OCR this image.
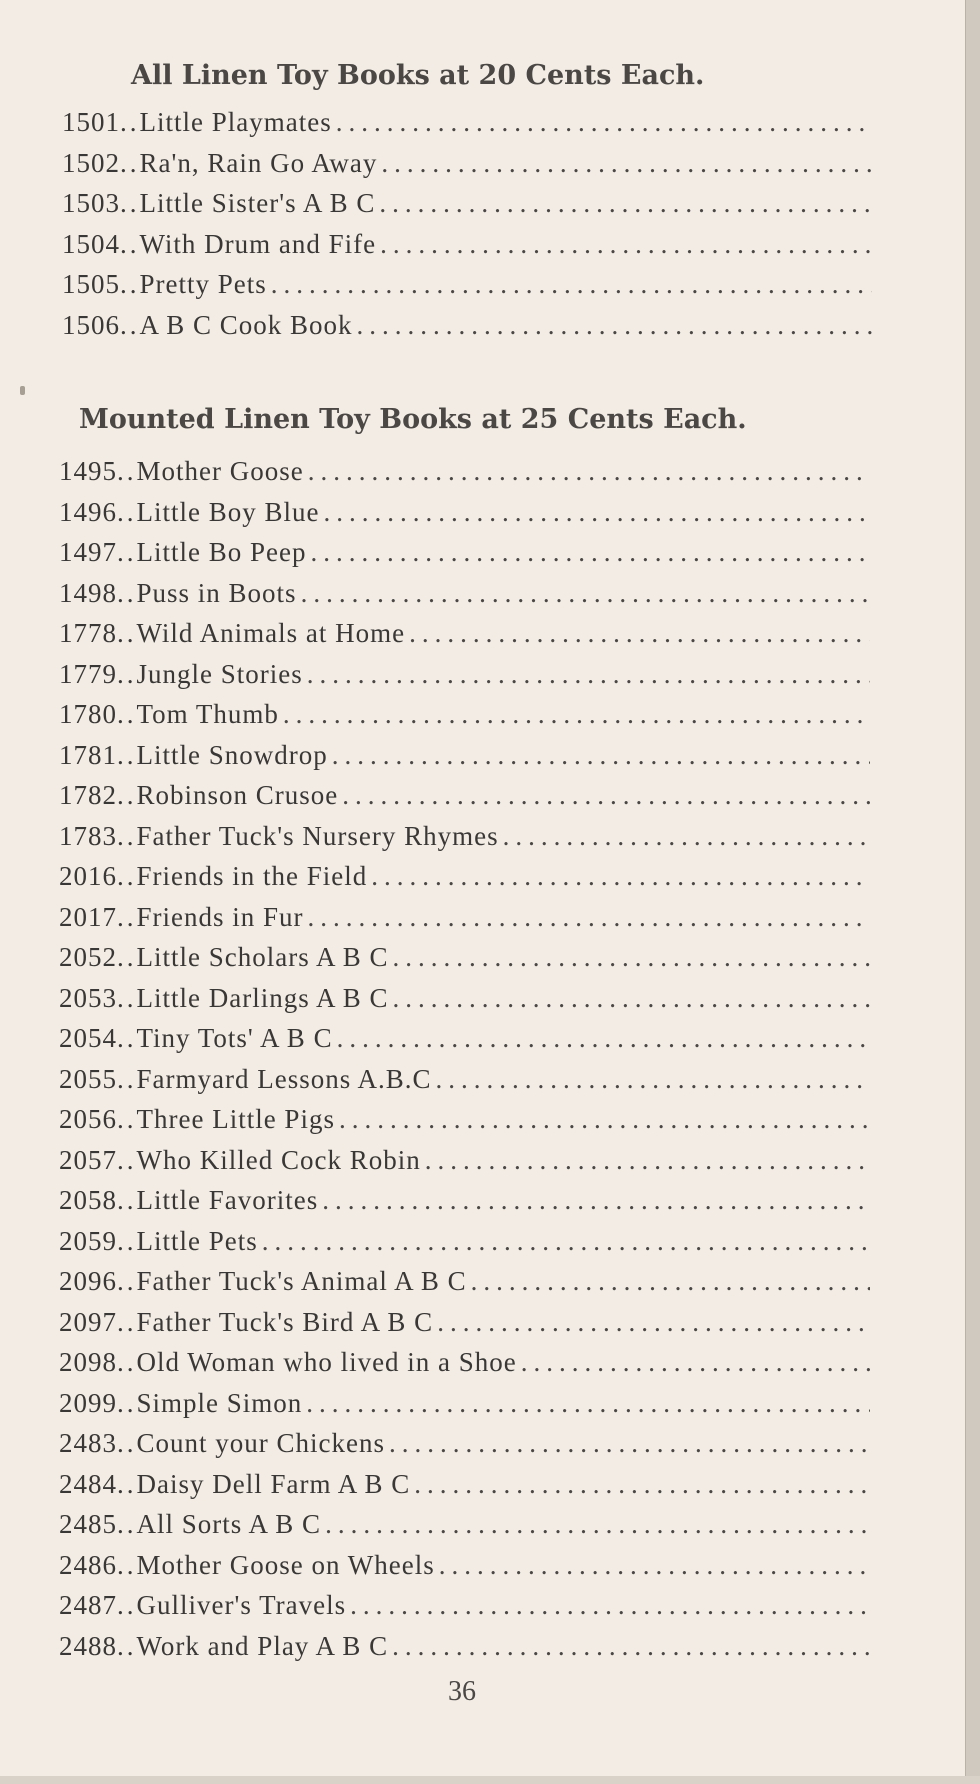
All Linen Toy Books at 20 Cents Each.
1501 .. Little Playmates
.....
1502 .. Ra'n, Rain Go Away
.....
1503 .. Little Sister's A B C
.....
1504 .. With Drum and Fife
.....
1505 .. Pretty Pets
.....
1506 .. A B C Cook Book
.....
Mounted Linen Toy Books at 25 Cents Each.
1495 .. Mother Goose
.....
1496 .. Little Boy Blue
.....
1497 .. Little Bo Peep
.....
1498 .. Puss in Boots
.....
1778 .. Wild Animals at Home
.....
1779 .. Jungle Stories
.....
1780 .. Tom Thumb
.....
1781 .. Little Snowdrop
.....
1782 .. Robinson Crusoe
.....
1783 .. Father Tuck's Nursery Rhymes
.....
2016 .. Friends in the Field
.....
2017 .. Friends in Fur
.....
2052 .. Little Scholars A B C
.....
2053 .. Little Darlings A B C
.....
2054 .. Tiny Tots' A B C
.....
2055 .. Farmyard Lessons A.B.C
.....
2056 .. Three Little Pigs
.....
2057 .. Who Killed Cock Robin
.....
2058 .. Little Favorites
.....
2059 .. Little Pets
.....
2096 .. Father Tuck's Animal A B C
.....
2097 .. Father Tuck's Bird A B C
.....
2098 .. Old Woman who lived in a Shoe
.....
2099 .. Simple Simon
.....
2483 .. Count your Chickens
.....
2484 .. Daisy Dell Farm A B C
.....
2485 .. All Sorts A B C
.....
2486 .. Mother Goose on Wheels
.....
2487 .. Gulliver's Travels
.....
2488 .. Work and Play A B C
.....
36
